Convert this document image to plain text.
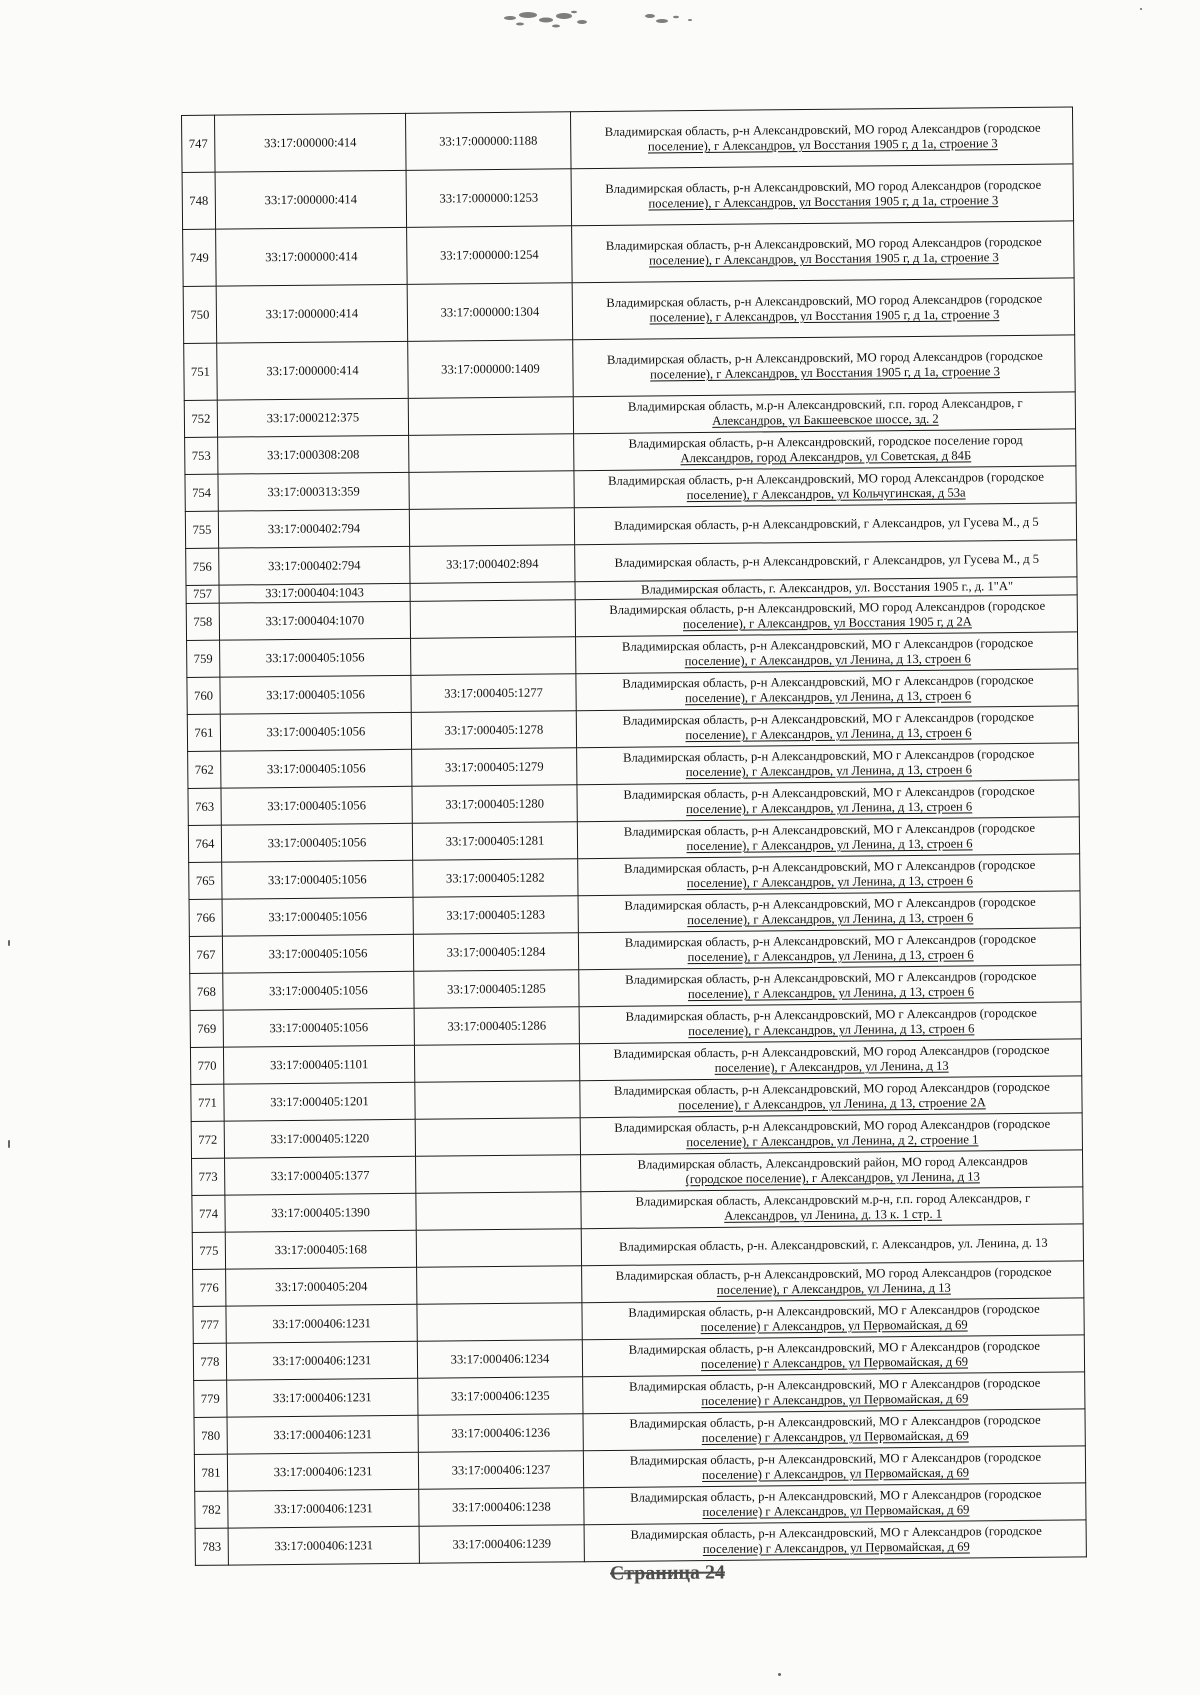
747	33:17:000000:414	33:17:000000:1188	Владимирская область, р-н Александровский, МО город Александров (городское
поселение), г Александров, ул Восстания 1905 г, д 1а, строение 3

748	33:17:000000:414	33:17:000000:1253	Владимирская область, р-н Александровский, МО город Александров (городское
поселение), г Александров, ул Восстания 1905 г, д 1а, строение 3

749	33:17:000000:414	33:17:000000:1254	Владимирская область, р-н Александровский, МО город Александров (городское
поселение), г Александров, ул Восстания 1905 г, д 1а, строение 3

750	33:17:000000:414	33:17:000000:1304	Владимирская область, р-н Александровский, МО город Александров (городское
поселение), г Александров, ул Восстания 1905 г, д 1а, строение 3

751	33:17:000000:414	33:17:000000:1409	Владимирская область, р-н Александровский, МО город Александров (городское
поселение), г Александров, ул Восстания 1905 г, д 1а, строение 3

752	33:17:000212:375		Владимирская область, м.р-н Александровский, г.п. город Александров, г
Александров, ул Бакшеевское шоссе, зд. 2

753	33:17:000308:208		Владимирская область, р-н Александровский, городское поселение город
Александров, город Александров, ул Советская, д 84Б

754	33:17:000313:359		Владимирская область, р-н Александровский, МО город Александров (городское
поселение), г Александров, ул Кольчугинская, д 53а

755	33:17:000402:794		Владимирская область, р-н Александровский, г Александров, ул Гусева М., д 5

756	33:17:000402:794	33:17:000402:894	Владимирская область, р-н Александровский, г Александров, ул Гусева М., д 5

757	33:17:000404:1043		Владимирская область, г. Александров, ул. Восстания 1905 г., д. 1"А"

758	33:17:000404:1070		Владимирская область, р-н Александровский, МО город Александров (городское
поселение), г Александров, ул Восстания 1905 г, д 2А

759	33:17:000405:1056		Владимирская область, р-н Александровский, МО г Александров (городское
поселение), г Александров, ул Ленина, д 13, строен 6

760	33:17:000405:1056	33:17:000405:1277	Владимирская область, р-н Александровский, МО г Александров (городское
поселение), г Александров, ул Ленина, д 13, строен 6

761	33:17:000405:1056	33:17:000405:1278	Владимирская область, р-н Александровский, МО г Александров (городское
поселение), г Александров, ул Ленина, д 13, строен 6

762	33:17:000405:1056	33:17:000405:1279	Владимирская область, р-н Александровский, МО г Александров (городское
поселение), г Александров, ул Ленина, д 13, строен 6

763	33:17:000405:1056	33:17:000405:1280	Владимирская область, р-н Александровский, МО г Александров (городское
поселение), г Александров, ул Ленина, д 13, строен 6

764	33:17:000405:1056	33:17:000405:1281	Владимирская область, р-н Александровский, МО г Александров (городское
поселение), г Александров, ул Ленина, д 13, строен 6

765	33:17:000405:1056	33:17:000405:1282	Владимирская область, р-н Александровский, МО г Александров (городское
поселение), г Александров, ул Ленина, д 13, строен 6

766	33:17:000405:1056	33:17:000405:1283	Владимирская область, р-н Александровский, МО г Александров (городское
поселение), г Александров, ул Ленина, д 13, строен 6

767	33:17:000405:1056	33:17:000405:1284	Владимирская область, р-н Александровский, МО г Александров (городское
поселение), г Александров, ул Ленина, д 13, строен 6

768	33:17:000405:1056	33:17:000405:1285	Владимирская область, р-н Александровский, МО г Александров (городское
поселение), г Александров, ул Ленина, д 13, строен 6

769	33:17:000405:1056	33:17:000405:1286	Владимирская область, р-н Александровский, МО г Александров (городское
поселение), г Александров, ул Ленина, д 13, строен 6

770	33:17:000405:1101		Владимирская область, р-н Александровский, МО город Александров (городское
поселение), г Александров, ул Ленина, д 13

771	33:17:000405:1201		Владимирская область, р-н Александровский, МО город Александров (городское
поселение), г Александров, ул Ленина, д 13, строение 2А

772	33:17:000405:1220		Владимирская область, р-н Александровский, МО город Александров (городское
поселение), г Александров, ул Ленина, д 2, строение 1

773	33:17:000405:1377		Владимирская область, Александровский район, МО город Александров
(городское поселение), г Александров, ул Ленина, д 13

774	33:17:000405:1390		Владимирская область, Александровский м.р-н, г.п. город Александров, г
Александров, ул Ленина, д. 13 к. 1 стр. 1

775	33:17:000405:168		Владимирская область, р-н. Александровский, г. Александров, ул. Ленина, д. 13

776	33:17:000405:204		Владимирская область, р-н Александровский, МО город Александров (городское
поселение), г Александров, ул Ленина, д 13

777	33:17:000406:1231		Владимирская область, р-н Александровский, МО г Александров (городское
поселение) г Александров, ул Первомайская, д 69

778	33:17:000406:1231	33:17:000406:1234	Владимирская область, р-н Александровский, МО г Александров (городское
поселение) г Александров, ул Первомайская, д 69

779	33:17:000406:1231	33:17:000406:1235	Владимирская область, р-н Александровский, МО г Александров (городское
поселение) г Александров, ул Первомайская, д 69

780	33:17:000406:1231	33:17:000406:1236	Владимирская область, р-н Александровский, МО г Александров (городское
поселение) г Александров, ул Первомайская, д 69

781	33:17:000406:1231	33:17:000406:1237	Владимирская область, р-н Александровский, МО г Александров (городское
поселение) г Александров, ул Первомайская, д 69

782	33:17:000406:1231	33:17:000406:1238	Владимирская область, р-н Александровский, МО г Александров (городское
поселение) г Александров, ул Первомайская, д 69

783	33:17:000406:1231	33:17:000406:1239	Владимирская область, р-н Александровский, МО г Александров (городское
поселение) г Александров, ул Первомайская, д 69
Страница 24
